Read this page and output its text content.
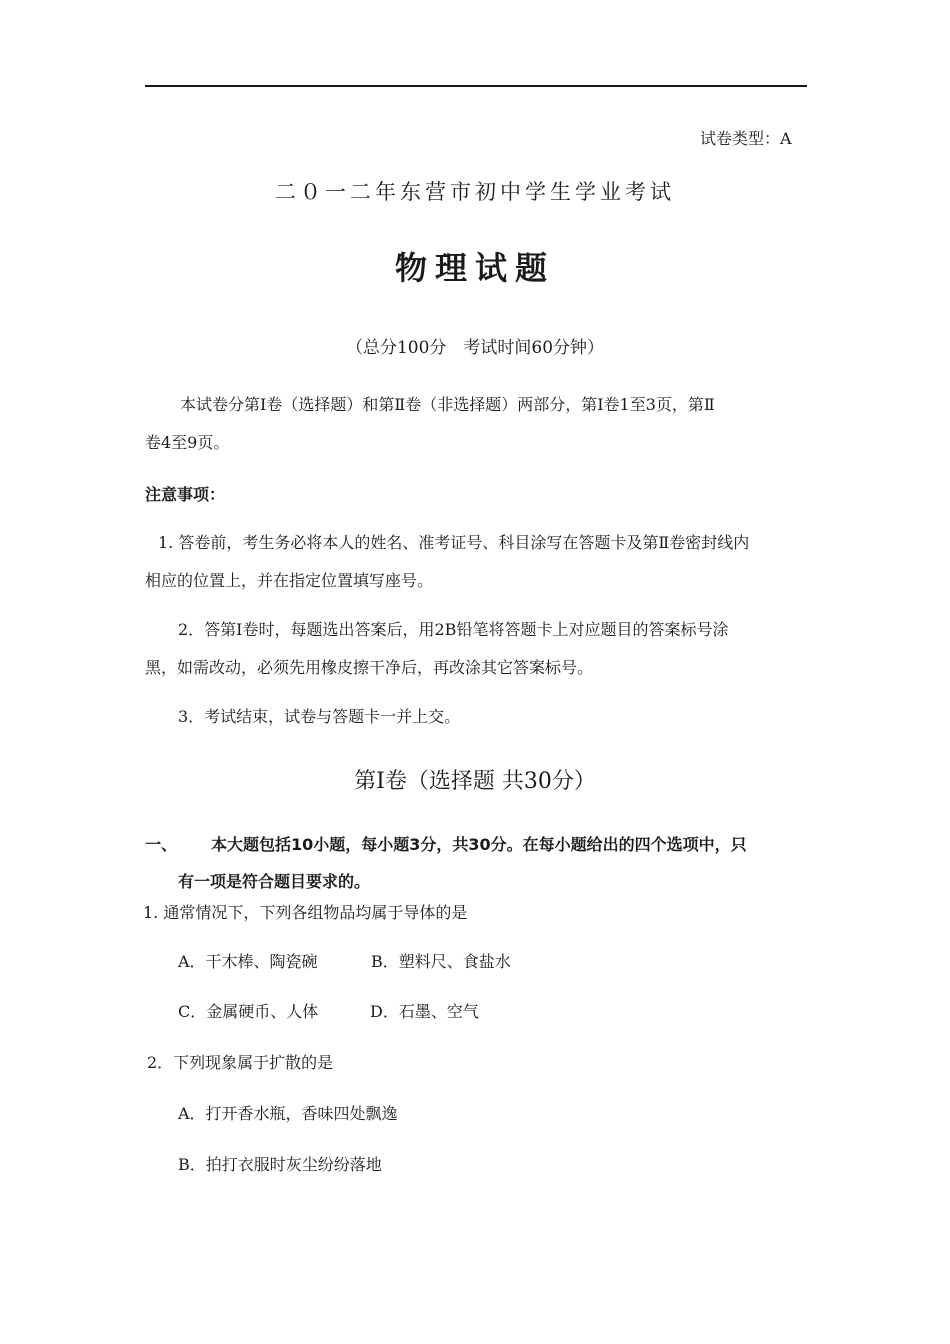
试卷类型：A
二０一二年东营市初中学生学业考试
物理试题
（总分100分　考试时间60分钟）
本试卷分第Ⅰ卷（选择题）和第Ⅱ卷（非选择题）两部分，第Ⅰ卷1至3页，第Ⅱ
卷4至9页。
注意事项：
1. 答卷前，考生务必将本人的姓名、准考证号、科目涂写在答题卡及第Ⅱ卷密封线内
相应的位置上，并在指定位置填写座号。
2．答第Ⅰ卷时，每题选出答案后，用2B铅笔将答题卡上对应题目的答案标号涂
黑，如需改动，必须先用橡皮擦干净后，再改涂其它答案标号。
3．考试结束，试卷与答题卡一并上交。
第Ⅰ卷（选择题 共30分）
一、 本大题包括10小题，每小题3分，共30分。在每小题给出的四个选项中，只
有一项是符合题目要求的。
1. 通常情况下，下列各组物品均属于导体的是
A．干木棒、陶瓷碗	B．塑料尺、食盐水
C．金属硬币、人体	D．石墨、空气
2．下列现象属于扩散的是
A．打开香水瓶，香味四处飘逸
B．拍打衣服时灰尘纷纷落地
